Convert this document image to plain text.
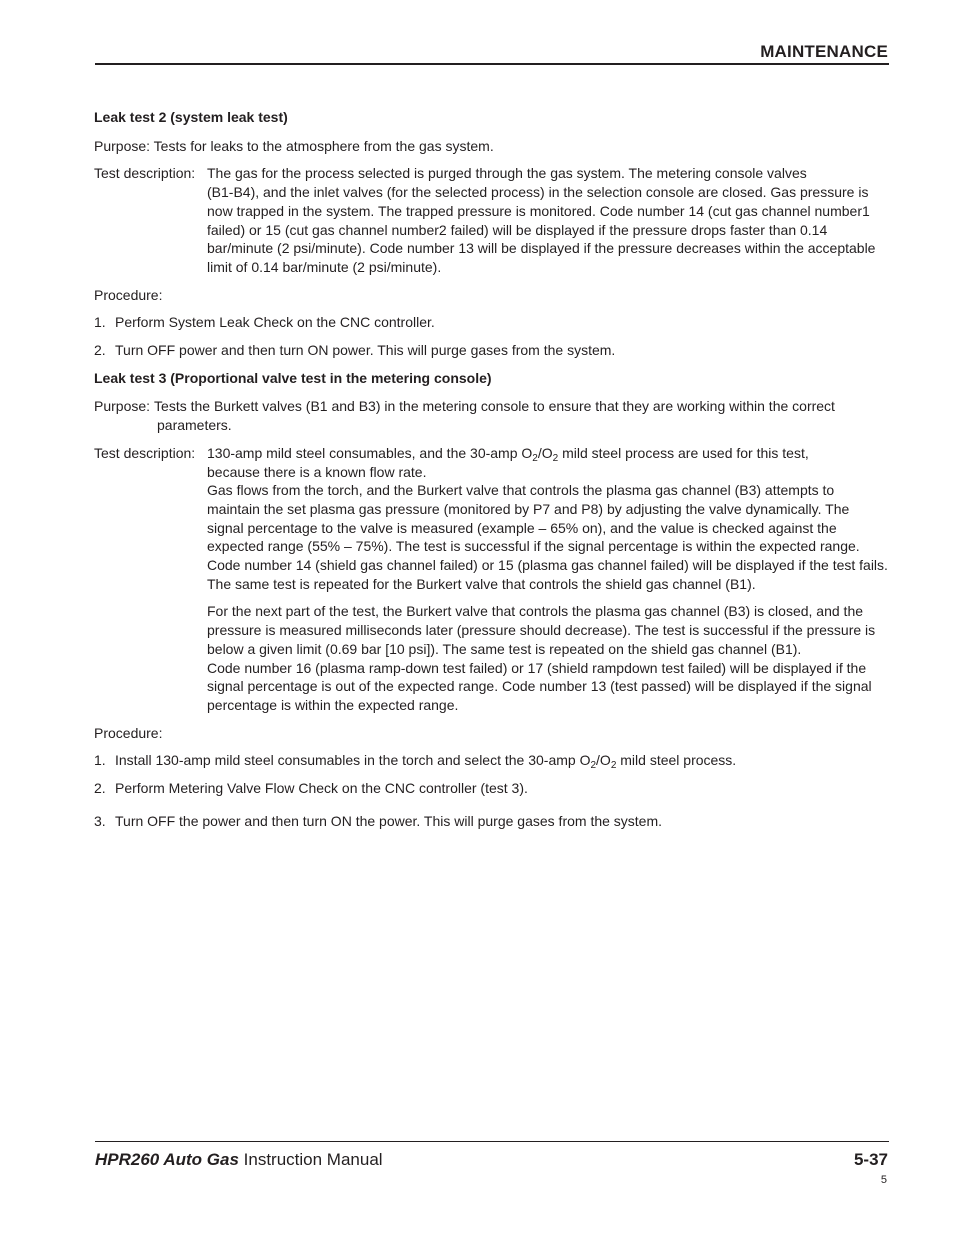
MAINTENANCE
Leak test 2 (system leak test)
Purpose: Tests for leaks to the atmosphere from the gas system.
Test description: The gas for the process selected is purged through the gas system. The metering console valves
(B1-B4), and the inlet valves (for the selected process) in the selection console are closed. Gas pressure is now trapped in the system. The trapped pressure is monitored. Code number 14 (cut gas channel number1 failed) or 15 (cut gas channel number2 failed) will be displayed if the pressure drops faster than 0.14 bar/minute (2 psi/minute). Code number 13 will be displayed if the pressure decreases within the acceptable limit of 0.14 bar/minute (2 psi/minute).
Procedure:
1. Perform System Leak Check on the CNC controller.
2. Turn OFF power and then turn ON power. This will purge gases from the system.
Leak test 3 (Proportional valve test in the metering console)
Purpose: Tests the Burkett valves (B1 and B3) in the metering console to ensure that they are working within the correct
parameters.
Test description: 130-amp mild steel consumables, and the 30-amp $O_2/O_2$ mild steel process are used for this test,
because there is a known flow rate.
Gas flows from the torch, and the Burkert valve that controls the plasma gas channel (B3) attempts to maintain the set plasma gas pressure (monitored by P7 and P8) by adjusting the valve dynamically. The signal percentage to the valve is measured (example – 65% on), and the value is checked against the expected range (55% – 75%). The test is successful if the signal percentage is within the expected range. Code number 14 (shield gas channel failed) or 15 (plasma gas channel failed) will be displayed if the test fails. The same test is repeated for the Burkert valve that controls the shield gas channel (B1).
For the next part of the test, the Burkert valve that controls the plasma gas channel (B3) is closed, and the pressure is measured milliseconds later (pressure should decrease). The test is successful if the pressure is below a given limit (0.69 bar [10 psi]). The same test is repeated on the shield gas channel (B1).
Code number 16 (plasma ramp-down test failed) or 17 (shield rampdown test failed) will be displayed if the signal percentage is out of the expected range. Code number 13 (test passed) will be displayed if the signal percentage is within the expected range.
Procedure:
1. Install 130-amp mild steel consumables in the torch and select the 30-amp $O_2/O_2$ mild steel process.
2. Perform Metering Valve Flow Check on the CNC controller (test 3).
3. Turn OFF the power and then turn ON the power. This will purge gases from the system.
HPR260 Auto Gas Instruction Manual	5-37
5
